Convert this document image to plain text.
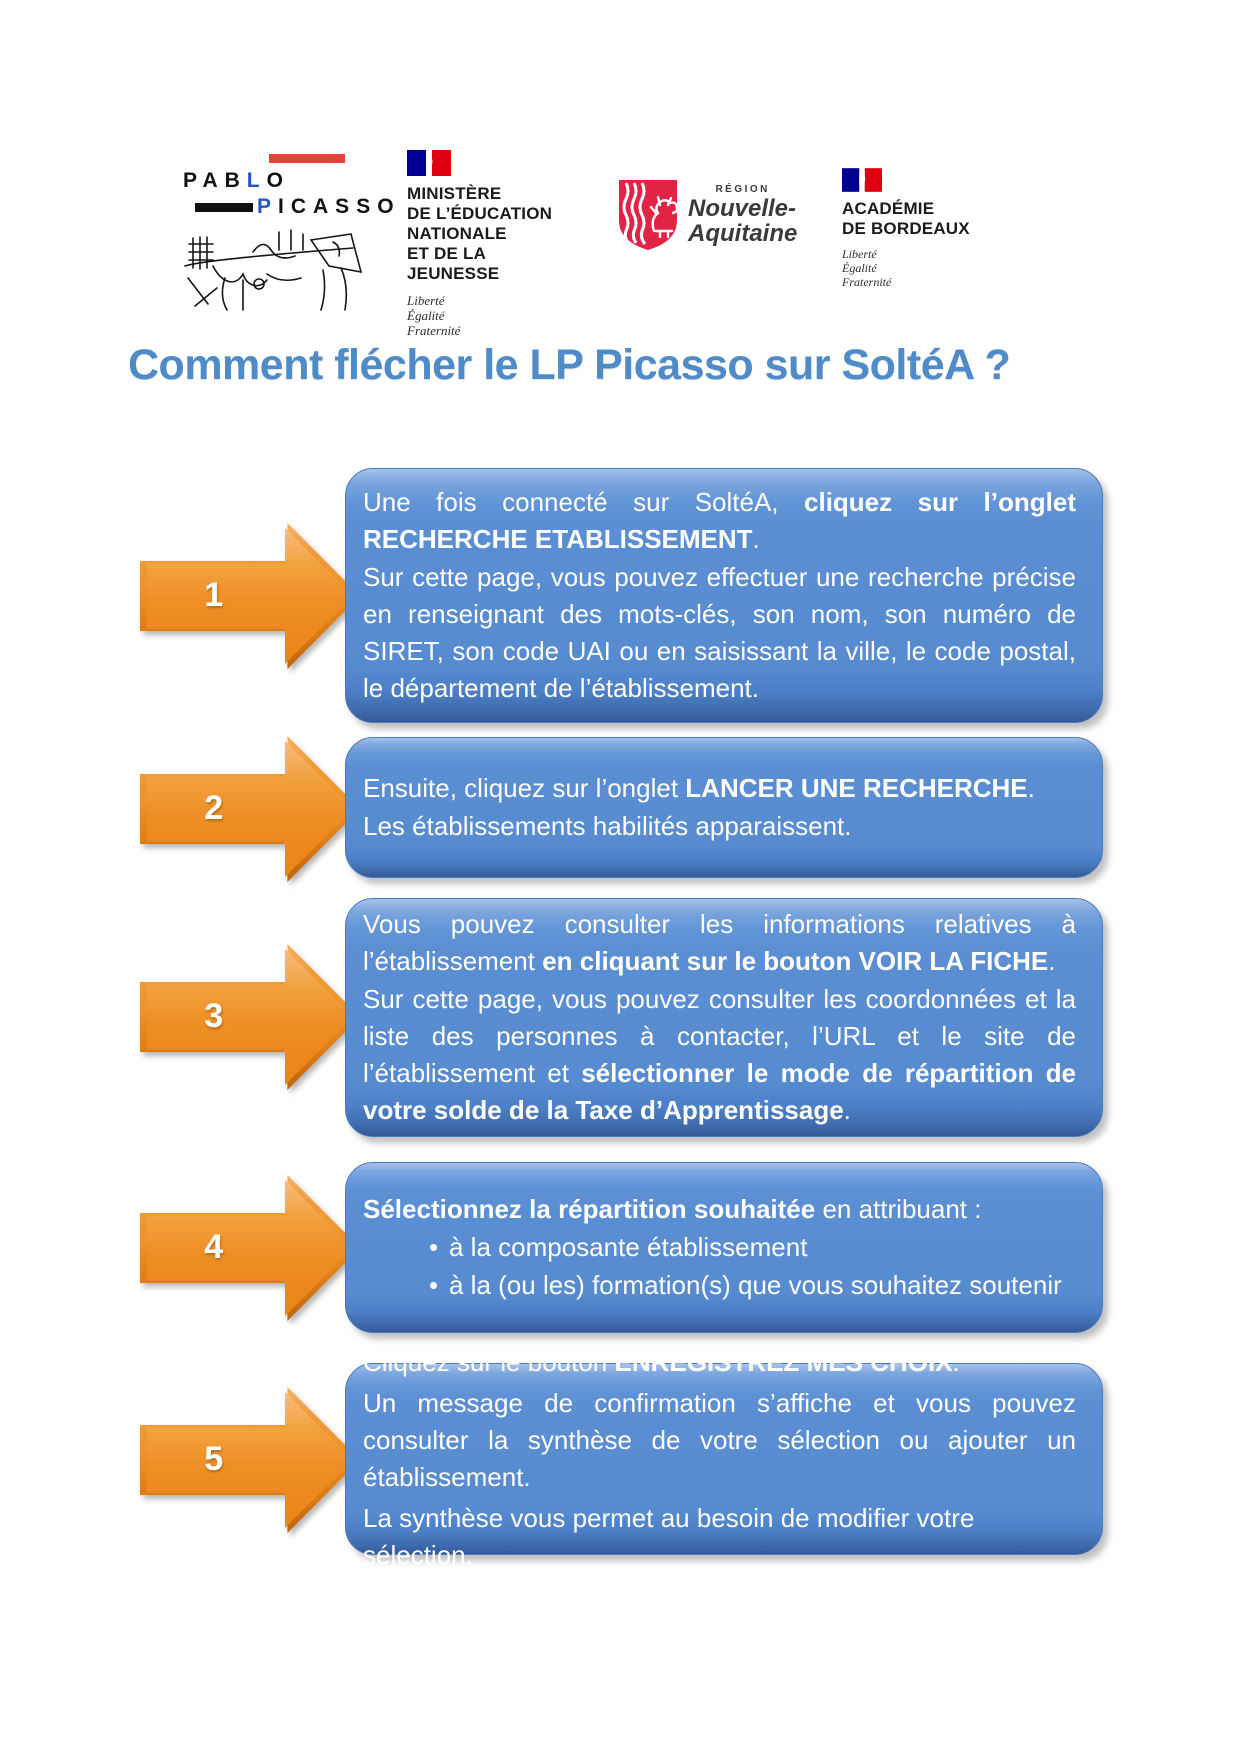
PABLO
PICASSO
MINISTÈRE
DE L’ÉDUCATION
NATIONALE
ET DE LA JEUNESSE
Liberté
Égalité
Fraternité
RÉGION
Nouvelle-
Aquitaine
ACADÉMIE
DE BORDEAUX
Liberté
Égalité
Fraternité
Comment flécher le LP Picasso sur SoltéA ?
1
Une fois connecté sur SoltéA, cliquez sur l’onglet RECHERCHE ETABLISSEMENT.
Sur cette page, vous pouvez effectuer une recherche précise en renseignant des mots-clés, son nom, son numéro de SIRET, son code UAI ou en saisissant la ville, le code postal, le département de l’établissement.
2
Ensuite, cliquez sur l’onglet LANCER UNE RECHERCHE.
Les établissements habilités apparaissent.
3
Vous pouvez consulter les informations relatives à l’établissement en cliquant sur le bouton VOIR LA FICHE.
Sur cette page, vous pouvez consulter les coordonnées et la liste des personnes à contacter, l’URL et le site de l’établissement et sélectionner le mode de répartition de votre solde de la Taxe d’Apprentissage.
4
Sélectionnez la répartition souhaitée en attribuant :
• à la composante établissement
• à la (ou les) formation(s) que vous souhaitez soutenir
5
Cliquez sur le bouton ENREGISTREZ MES CHOIX.
Un message de confirmation s’affiche et vous pouvez consulter la synthèse de votre sélection ou ajouter un établissement.
La synthèse vous permet au besoin de modifier votre sélection.
